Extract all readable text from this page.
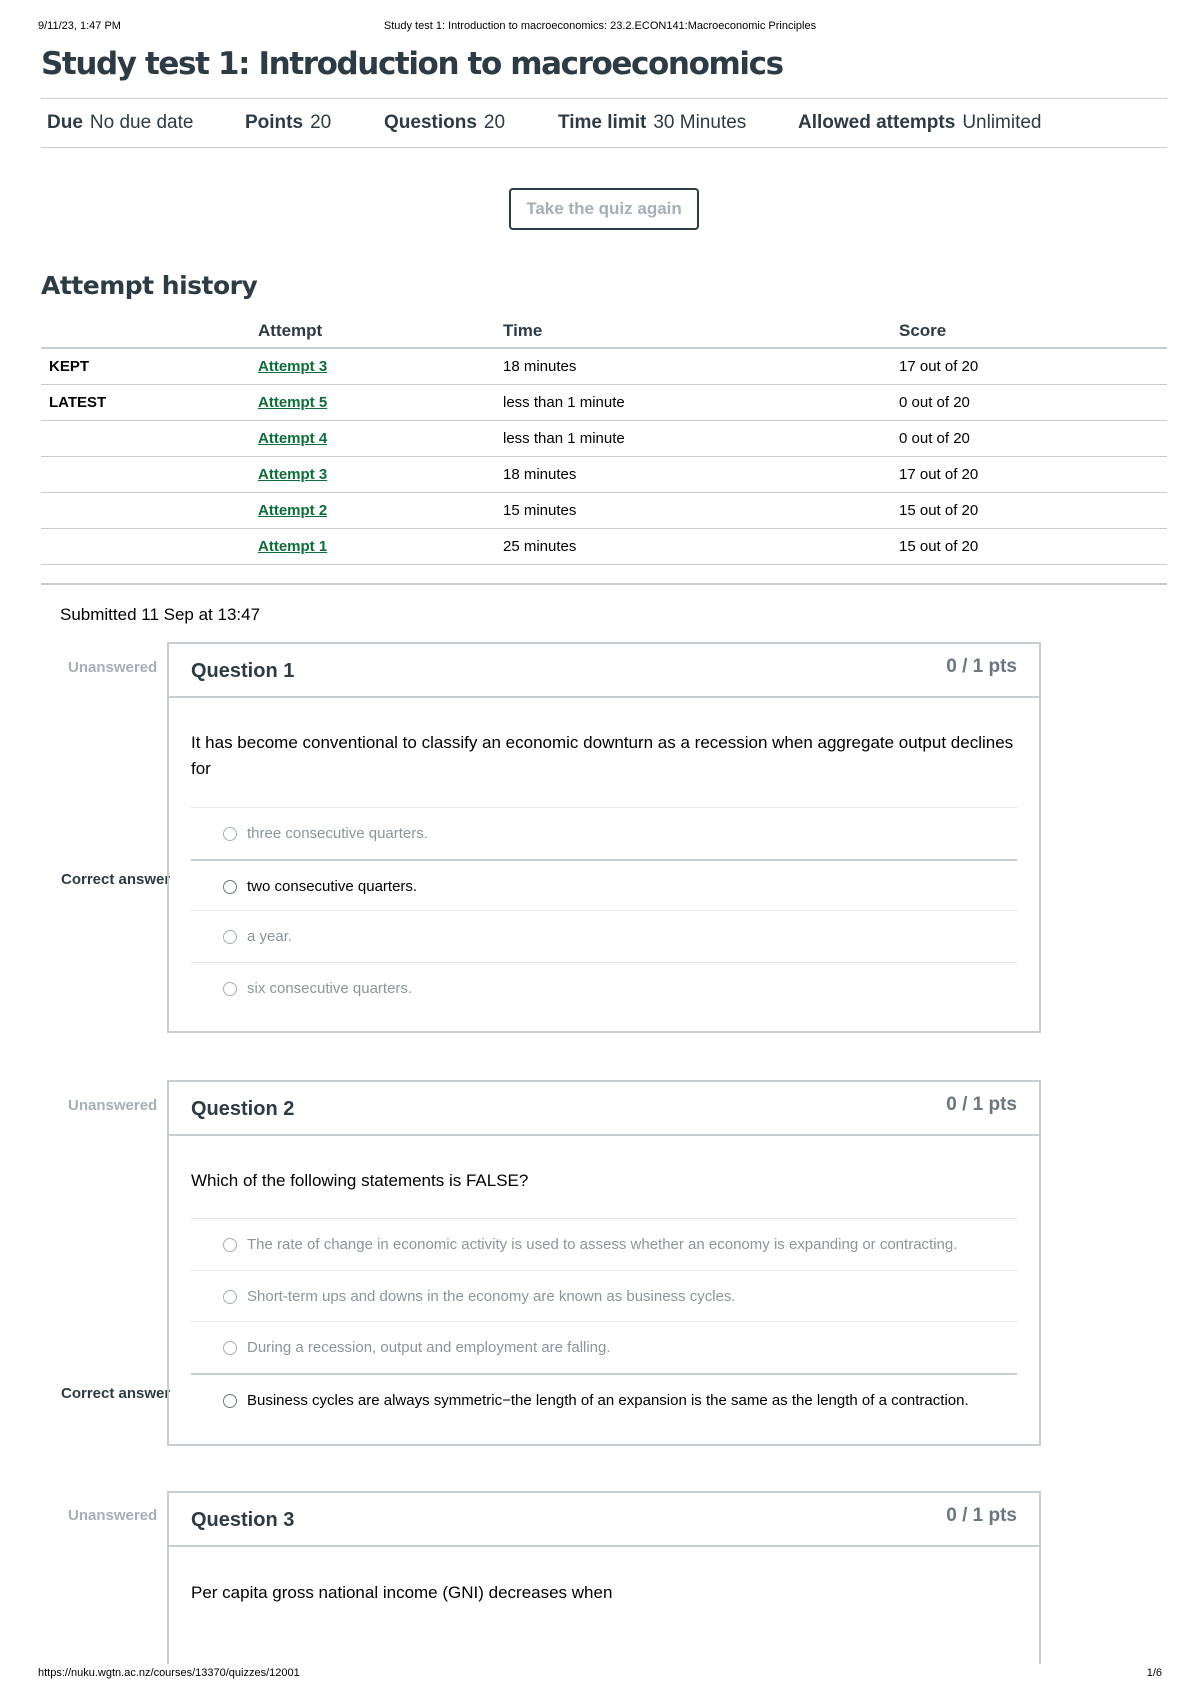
9/11/23, 1:47 PM	Study test 1: Introduction to macroeconomics: 23.2.ECON141:Macroeconomic Principles
Study test 1: Introduction to macroeconomics
Due No due date	Points 20	Questions 20	Time limit 30 Minutes	Allowed attempts Unlimited
Take the quiz again
Attempt history
	Attempt	Time	Score
KEPT	Attempt 3	18 minutes	17 out of 20
LATEST	Attempt 5	less than 1 minute	0 out of 20
	Attempt 4	less than 1 minute	0 out of 20
	Attempt 3	18 minutes	17 out of 20
	Attempt 2	15 minutes	15 out of 20
	Attempt 1	25 minutes	15 out of 20
Submitted 11 Sep at 13:47
Unanswered
Correct answer
Question 1	0 / 1 pts
It has become conventional to classify an economic downturn as a recession when aggregate output declines for
three consecutive quarters.
two consecutive quarters.
a year.
six consecutive quarters.
Unanswered
Correct answer
Question 2	0 / 1 pts
Which of the following statements is FALSE?
The rate of change in economic activity is used to assess whether an economy is expanding or contracting.
Short-term ups and downs in the economy are known as business cycles.
During a recession, output and employment are falling.
Business cycles are always symmetric−the length of an expansion is the same as the length of a contraction.
Unanswered Question 3	0 / 1 pts
Per capita gross national income (GNI) decreases when
https://nuku.wgtn.ac.nz/courses/13370/quizzes/12001	1/6
